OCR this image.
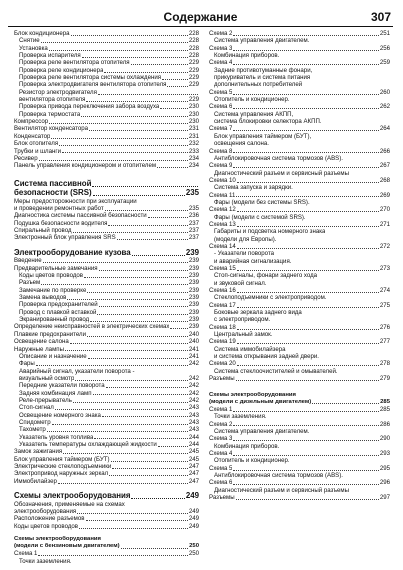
Содержание	307
Блок кондиционера	228
Снятие	228
Установка	228
Проверка испарителя	228
Проверка реле вентилятора отопителя	229
Проверка реле кондиционера	229
Проверка реле вентилятора системы охлаждения	229
Проверка электродвигателя вентилятора отопителя	229
Резистор электродвигателя
вентилятора отопителя	229
Проверка привода переключения забора воздуха	230
Проверка термостата	230
Компрессор	230
Вентилятор конденсатора	231
Конденсатор	231
Блок отопителя	232
Трубки и шланги	233
Ресивер	234
Панель управления кондиционером и отопителем	234
Система пассивной
безопасности (SRS)	235
Меры предосторожности при эксплуатации
и проведении ремонтных работ	235
Диагностика системы пассивной безопасности	236
Подушка безопасности водителя	237
Спиральный провод	237
Электронный блок управления SRS	237
Электрооборудование кузова	239
Введение	239
Предварительные замечания	239
Коды цветов проводов	239
Разъем	239
Замечание по проверке	239
Замена выводов	239
Проверка предохранителей	239
Провод с плавкой вставкой	239
Экранированный провод	239
Определение неисправностей в электрических схемах	239
Плавкие предохранители	240
Освещение салона	240
Наружные лампы	241
Описание и назначение	241
Фары	242
Аварийный сигнал, указатели поворота -
визуальный осмотр	242
Передние указатели поворота	242
Задняя комбинация ламп	242
Реле-прерыватель	242
Стоп-сигнал	243
Освещение номерного знака	243
Спидометр	243
Тахометр	243
Указатель уровня топлива	244
Указатель температуры охлаждающей жидкости	244
Замок зажигания	245
Блок управления таймером (БУТ)	245
Электрические стеклоподъемники	247
Электропривод наружных зеркал	247
Иммобилайзер	247
Схемы электрооборудования	249
Обозначения, применяемые на схемах
электрооборудования	249
Расположение разъемов	249
Коды цветов проводов	249
Схемы электрооборудования
(модели с бензиновым двигателем)	250
Схема 1	250
Точки заземления.
Схема 2	251
Система управления двигателем.
Схема 3	256
Комбинация приборов.
Схема 4	259
Задние противотуманные фонари,
прикуриватель и система питания
дополнительных потребителей
Схема 5	260
Отопитель и кондиционер.
Схема 6	262
Система управления АКПП,
система блокировки селектора АКПП.
Схема 7	264
Блок управления таймером (БУТ),
освещения салона.
Схема 8	266
Антиблокировочная система тормозов (ABS).
Схема 9	267
Диагностический разъем и сервисный разъемы
Схема 10	268
Система запуска и зарядки.
Схема 11	269
Фары (модели без системы SRS).
Схема 12	270
Фары (модели с системой SRS).
Схема 13	271
Габариты и подсветка номерного знака
(модели для Европы).
Схема 14	272
- Указатели поворота
и аварийная сигнализация.
Схема 15	273
Стоп-сигналы, фонари заднего хода
и звуковой сигнал.
Схема 16	274
Стеклоподъемники с электроприводом.
Схема 17	275
Боковые зеркала заднего вида
с электроприводом.
Схема 18	276
Центральный замок.
Схема 19	277
Система иммобилайзера
и система открывания задней двери.
Схема 20	278
Система стеклоочистителей и омывателей.
Разъемы	279
Схемы электрооборудования
(модели с дизельным двигателем)	285
Схема 1	285
Точки заземления.
Схема 2	286
Система управления двигателем.
Схема 3	290
Комбинация приборов.
Схема 4	293
Отопитель и кондиционер.
Схема 5	295
Антиблокировочная система тормозов (ABS).
Схема 6	296
Диагностический разъем и сервисный разъемы
Разъемы	297
